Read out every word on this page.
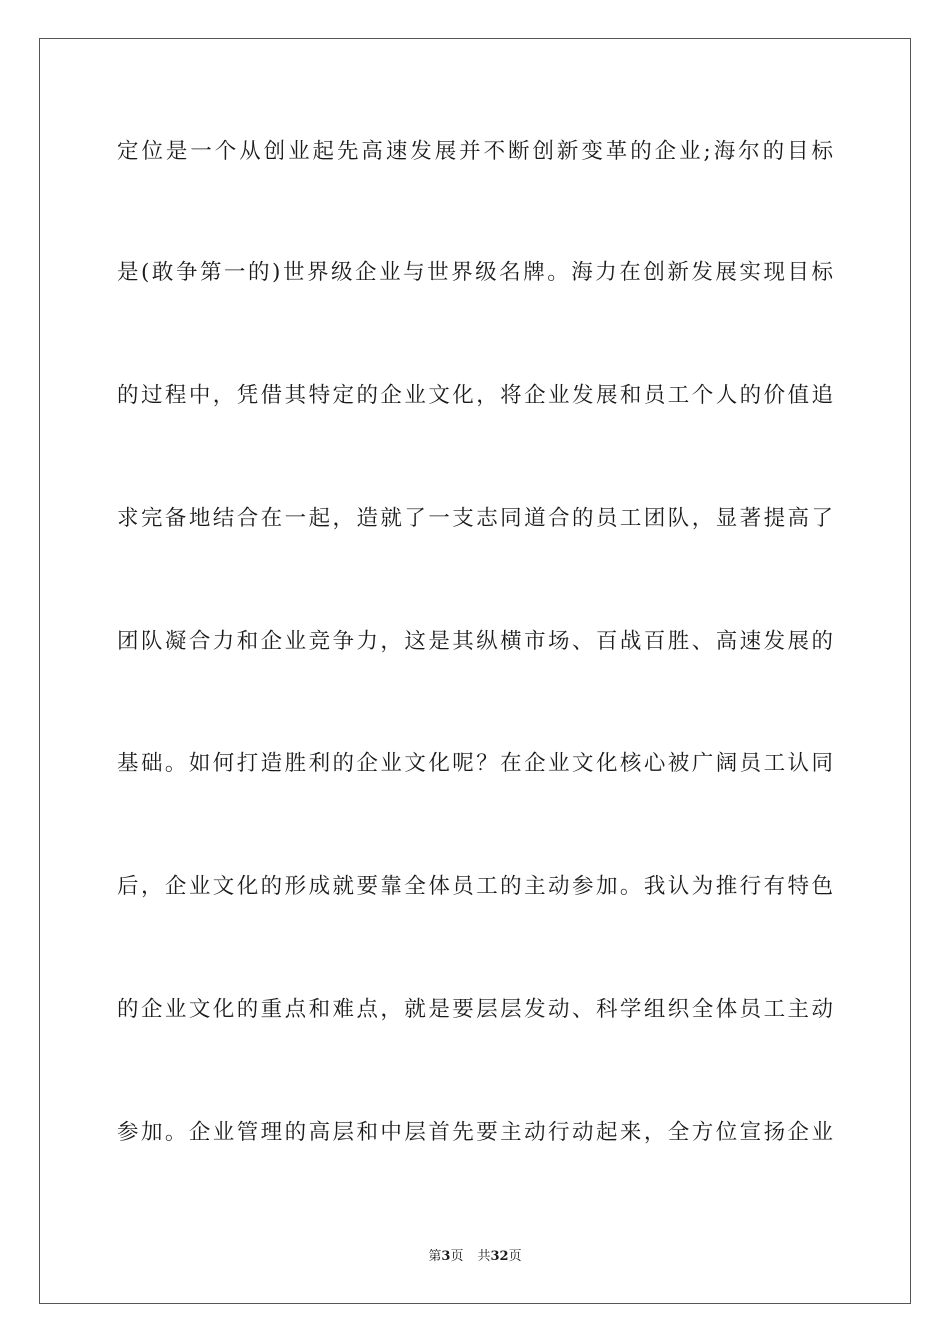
定位是一个从创业起先高速发展并不断创新变革的企业;海尔的目标
是(敢争第一的)世界级企业与世界级名牌。海力在创新发展实现目标
的过程中，凭借其特定的企业文化，将企业发展和员工个人的价值追
求完备地结合在一起，造就了一支志同道合的员工团队，显著提高了
团队凝合力和企业竞争力，这是其纵横市场、百战百胜、高速发展的
基础。如何打造胜利的企业文化呢？在企业文化核心被广阔员工认同
后，企业文化的形成就要靠全体员工的主动参加。我认为推行有特色
的企业文化的重点和难点，就是要层层发动、科学组织全体员工主动
参加。企业管理的高层和中层首先要主动行动起来，全方位宣扬企业
第3页 共32页
